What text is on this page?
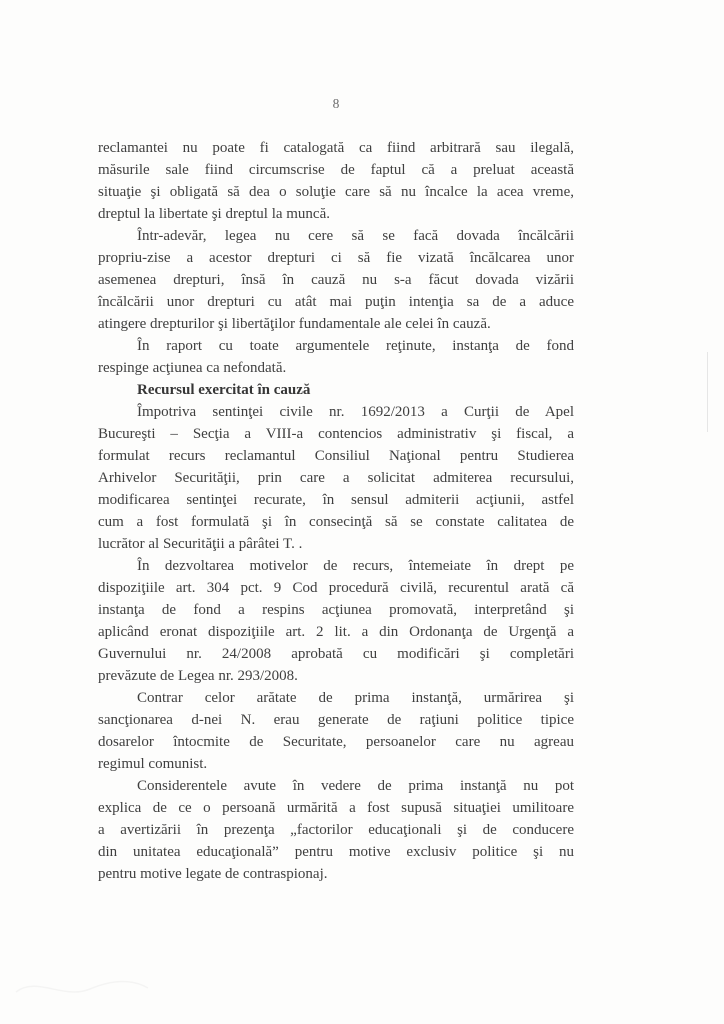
8
reclamantei nu poate fi catalogată ca fiind arbitrară sau ilegală,
măsurile sale fiind circumscrise de faptul că a preluat această
situaţie şi obligată să dea o soluţie care să nu încalce la acea vreme,
dreptul la libertate şi dreptul la muncă.
Într-adevăr, legea nu cere să se facă dovada încălcării
propriu-zise a acestor drepturi ci să fie vizată încălcarea unor
asemenea drepturi, însă în cauză nu s-a făcut dovada vizării
încălcării unor drepturi cu atât mai puţin intenţia sa de a aduce
atingere drepturilor şi libertăţilor fundamentale ale celei în cauză.
În raport cu toate argumentele reţinute, instanţa de fond
respinge acţiunea ca nefondată.
Recursul exercitat în cauză
Împotriva sentinţei civile nr. 1692/2013 a Curţii de Apel
Bucureşti – Secţia a VIII-a contencios administrativ şi fiscal, a
formulat recurs reclamantul Consiliul Naţional pentru Studierea
Arhivelor Securităţii, prin care a solicitat admiterea recursului,
modificarea sentinţei recurate, în sensul admiterii acţiunii, astfel
cum a fost formulată şi în consecinţă să se constate calitatea de
lucrător al Securităţii a pârâtei T. .
În dezvoltarea motivelor de recurs, întemeiate în drept pe
dispoziţiile art. 304 pct. 9 Cod procedură civilă, recurentul arată că
instanţa de fond a respins acţiunea promovată, interpretând şi
aplicând eronat dispoziţiile art. 2 lit. a din Ordonanţa de Urgenţă a
Guvernului nr. 24/2008 aprobată cu modificări şi completări
prevăzute de Legea nr. 293/2008.
Contrar celor arătate de prima instanţă, urmărirea şi
sancţionarea d-nei N. erau generate de raţiuni politice tipice
dosarelor întocmite de Securitate, persoanelor care nu agreau
regimul comunist.
Considerentele avute în vedere de prima instanţă nu pot
explica de ce o persoană urmărită a fost supusă situaţiei umilitoare
a avertizării în prezenţa „factorilor educaţionali şi de conducere
din unitatea educaţională” pentru motive exclusiv politice şi nu
pentru motive legate de contraspionaj.
